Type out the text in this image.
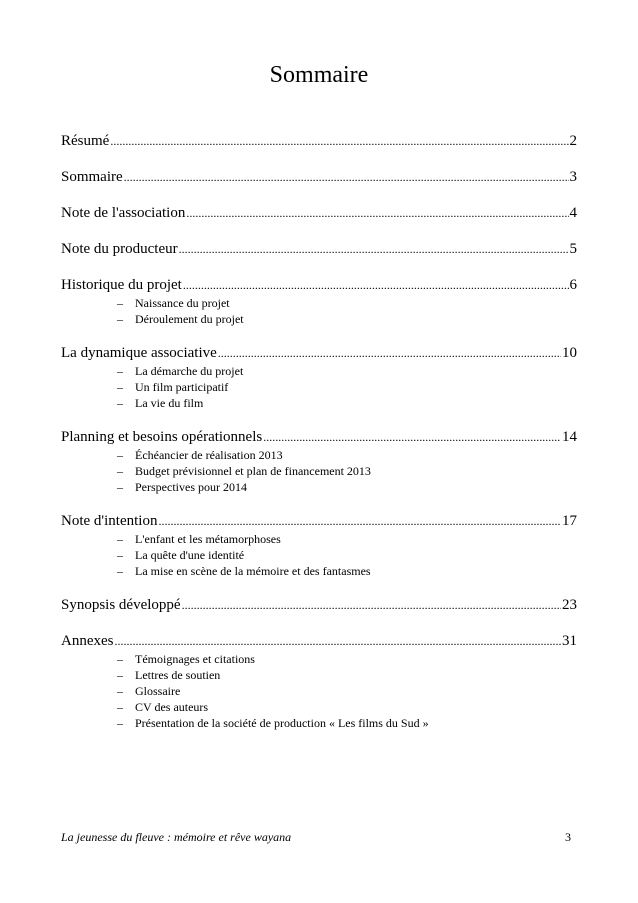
Sommaire
Résumé .....	2
Sommaire .....	3
Note de l'association .....	4
Note du producteur .....	5
Historique du projet .....	6
–	Naissance du projet
–	Déroulement du projet
La dynamique associative .....	10
–	La démarche du projet
–	Un film participatif
–	La vie du film
Planning et besoins opérationnels .....	14
–	Échéancier de réalisation 2013
–	Budget prévisionnel et plan de financement 2013
–	Perspectives pour 2014
Note d'intention .....	17
–	L'enfant et les métamorphoses
–	La quête d'une identité
–	La mise en scène de la mémoire et des fantasmes
Synopsis développé .....	23
Annexes .....	31
–	Témoignages et citations
–	Lettres de soutien
–	Glossaire
–	CV des auteurs
–	Présentation de la société de production « Les films du Sud »
La jeunesse du fleuve : mémoire et rêve wayana	3
